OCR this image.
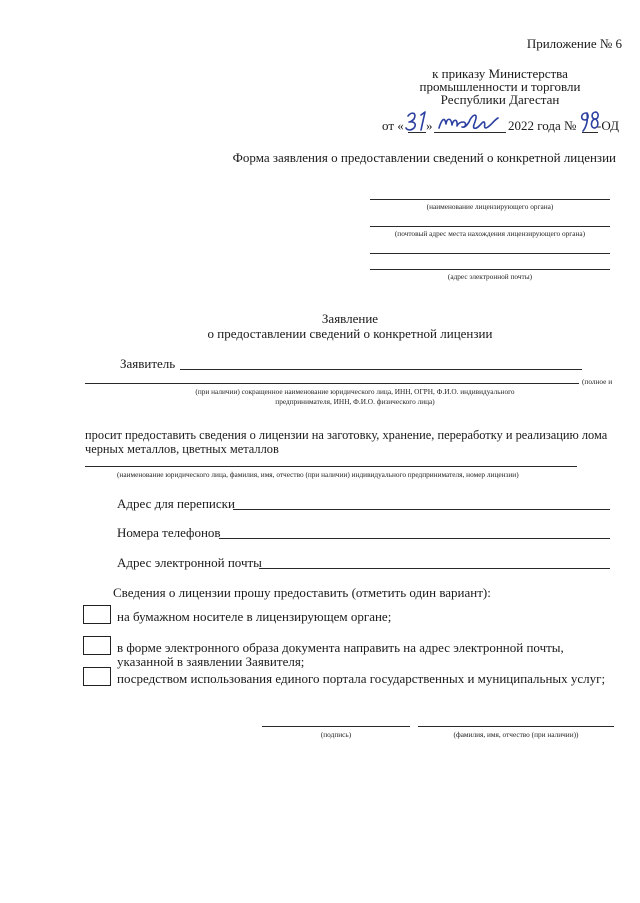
Приложение № 6
к приказу Министерства
промышленности и торговли
Республики Дагестан
от « »	2022 года № -ОД
Форма заявления о предоставлении сведений о конкретной лицензии
(наименование лицензирующего органа)
(почтовый адрес места нахождения лицензирующего органа)
(адрес электронной почты)
Заявление
о предоставлении сведений о конкретной лицензии
Заявитель
(полное и
(при наличии) сокращенное наименование юридического лица, ИНН, ОГРН, Ф.И.О. индивидуального
предпринимателя, ИНН, Ф.И.О. физического лица)
просит предоставить сведения о лицензии на заготовку, хранение, переработку и реализацию лома
черных металлов, цветных металлов
(наименование юридического лица, фамилия, имя, отчество (при наличии) индивидуального предпринимателя, номер лицензии)
Адрес для переписки
Номера телефонов
Адрес электронной почты
Сведения о лицензии прошу предоставить (отметить один вариант):
на бумажном носителе в лицензирующем органе;
в форме электронного образа документа направить на адрес электронной почты,
указанной в заявлении Заявителя;
посредством использования единого портала государственных и муниципальных услуг;
(подпись)	(фамилия, имя, отчество (при наличии))
